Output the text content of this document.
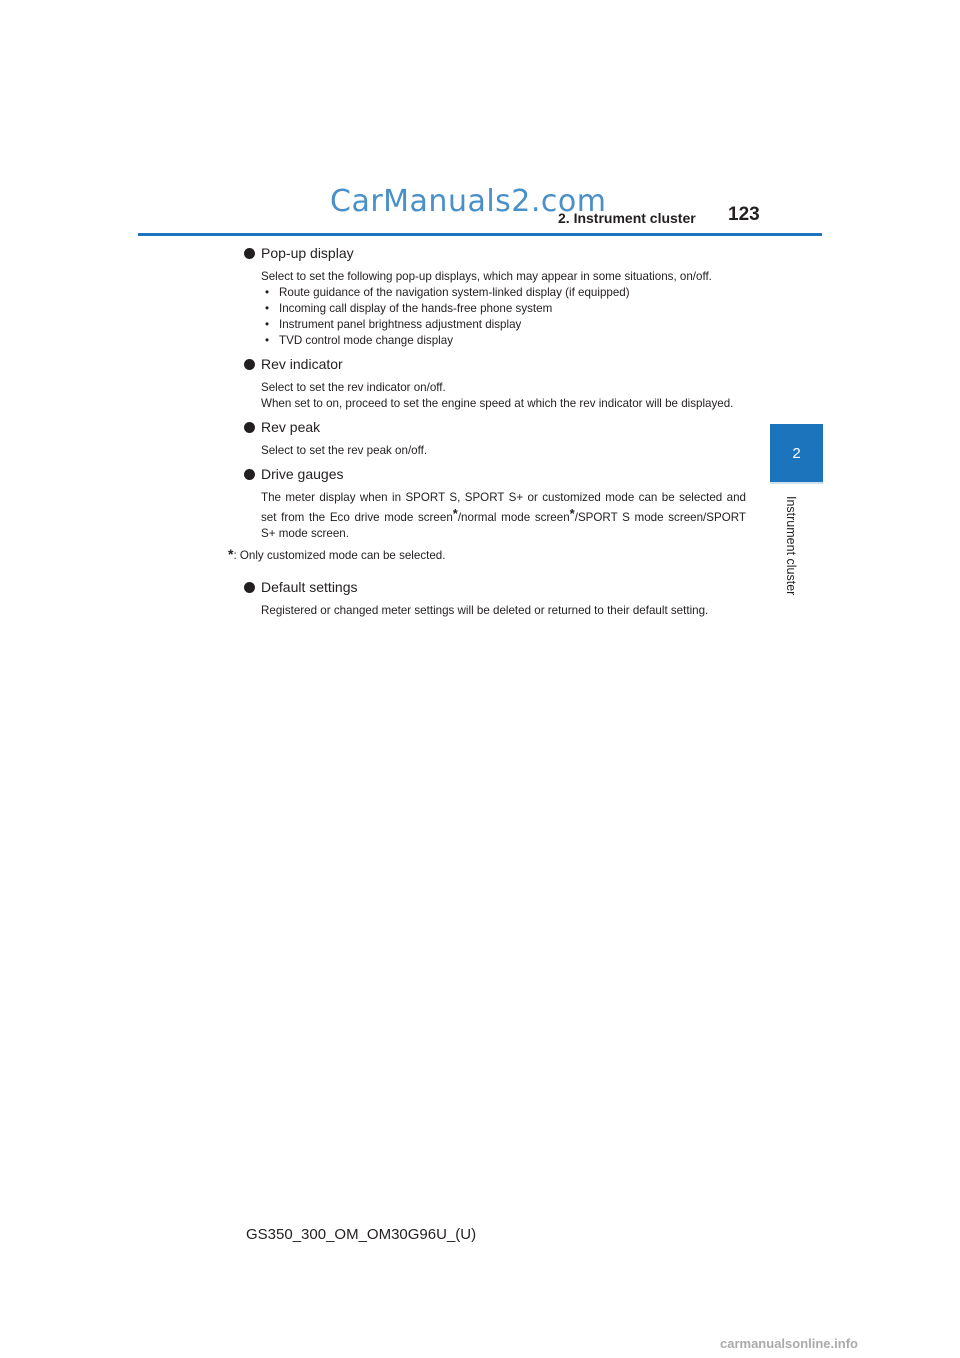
CarManuals2.com
2. Instrument cluster 123
2
Instrument cluster
Pop-up display
Select to set the following pop-up displays, which may appear in some situations, on/off.
• Route guidance of the navigation system-linked display (if equipped)
• Incoming call display of the hands-free phone system
• Instrument panel brightness adjustment display
• TVD control mode change display
Rev indicator
Select to set the rev indicator on/off.
When set to on, proceed to set the engine speed at which the rev indicator will be displayed.
Rev peak
Select to set the rev peak on/off.
Drive gauges
The meter display when in SPORT S, SPORT S+ or customized mode can be selected and set from the Eco drive mode screen*/normal mode screen*/SPORT S mode screen/SPORT S+ mode screen.
*: Only customized mode can be selected.
Default settings
Registered or changed meter settings will be deleted or returned to their default setting.
GS350_300_OM_OM30G96U_(U)
carmanualsonline.info
